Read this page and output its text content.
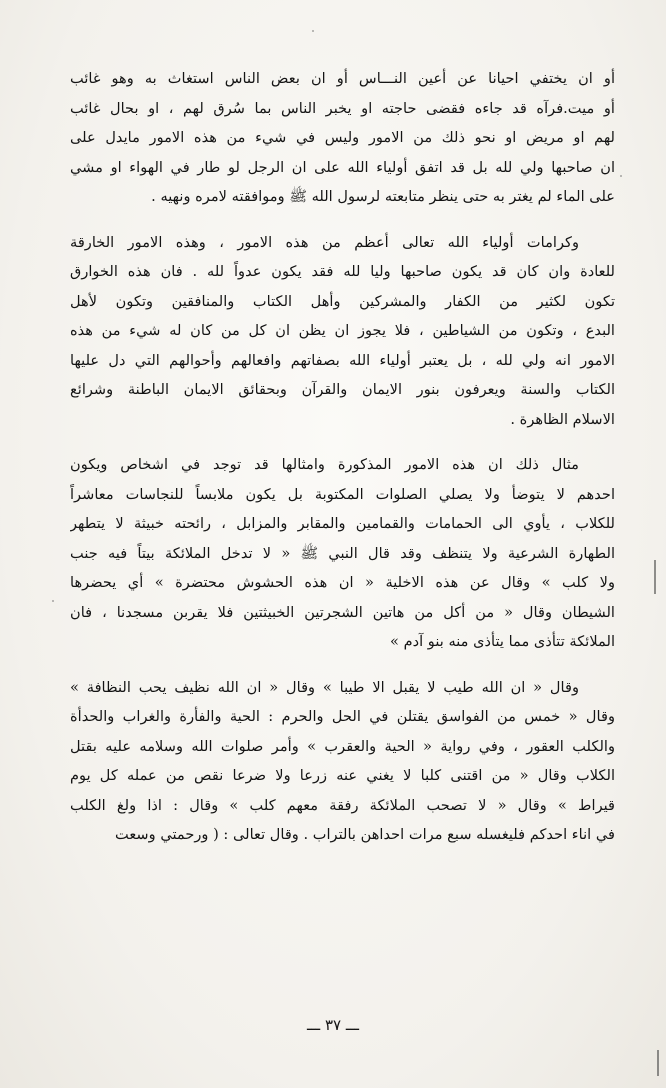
أو ان يختفي احيانا عن أعين النـــاس أو ان بعض الناس استغاث به وهو غائب
أو ميت.فرآه قد جاءه فقضى حاجته او يخبر الناس بما سُرق لهم ، او بحال غائب
لهم او مريض او نحو ذلك من الامور وليس في شيء من هذه الامور مايدل على
ان صاحبها ولي لله بل قد اتفق أولياء الله على ان الرجل لو طار في الهواء او مشي
على الماء لم يغتر به حتى ينظر متابعته لرسول الله ﷺ وموافقته لامره ونهيه .
وكرامات أولياء الله تعالى أعظم من هذه الامور ، وهذه الامور الخارقة
للعادة وان كان قد يكون صاحبها وليا لله فقد يكون عدواً لله . فان هذه الخوارق
تكون لكثير من الكفار والمشركين وأهل الكتاب والمنافقين وتكون لأهل
البدع ، وتكون من الشياطين ، فلا يجوز ان يظن ان كل من كان له شيء من هذه
الامور انه ولي لله ، بل يعتبر أولياء الله بصفاتهم وافعالهم وأحوالهم التي دل عليها
الكتاب والسنة ويعرفون بنور الايمان والقرآن وبحقائق الايمان الباطنة وشرائع
الاسلام الظاهرة .
مثال ذلك ان هذه الامور المذكورة وامثالها قد توجد في اشخاص ويكون
احدهم لا يتوضأ ولا يصلي الصلوات المكتوبة بل يكون ملابساً للنجاسات معاشراً
للكلاب ، يأوي الى الحمامات والقمامين والمقابر والمزابل ، رائحته خبيثة لا يتطهر
الطهارة الشرعية ولا يتنظف وقد قال النبي ﷺ « لا تدخل الملائكة بيتاً فيه جنب
ولا كلب » وقال عن هذه الاخلية « ان هذه الحشوش محتضرة » أي يحضرها
الشيطان وقال « من أكل من هاتين الشجرتين الخبيثتين فلا يقربن مسجدنا ، فان
الملائكة تتأذى مما يتأذى منه بنو آدم »
وقال « ان الله طيب لا يقبل الا طيبا » وقال « ان الله نظيف يحب النظافة »
وقال « خمس من الفواسق يقتلن في الحل والحرم : الحية والفأرة والغراب والحدأة
والكلب العقور ، وفي رواية « الحية والعقرب » وأمر صلوات الله وسلامه عليه بقتل
الكلاب وقال « من اقتنى كلبا لا يغني عنه زرعا ولا ضرعا نقص من عمله كل يوم
قيراط » وقال « لا تصحب الملائكة رفقة معهم كلب » وقال : اذا ولغ الكلب
في اناء احدكم فليغسله سبع مرات احداهن بالتراب . وقال تعالى : ( ورحمتي وسعت
ـــ ٣٧ ـــ
